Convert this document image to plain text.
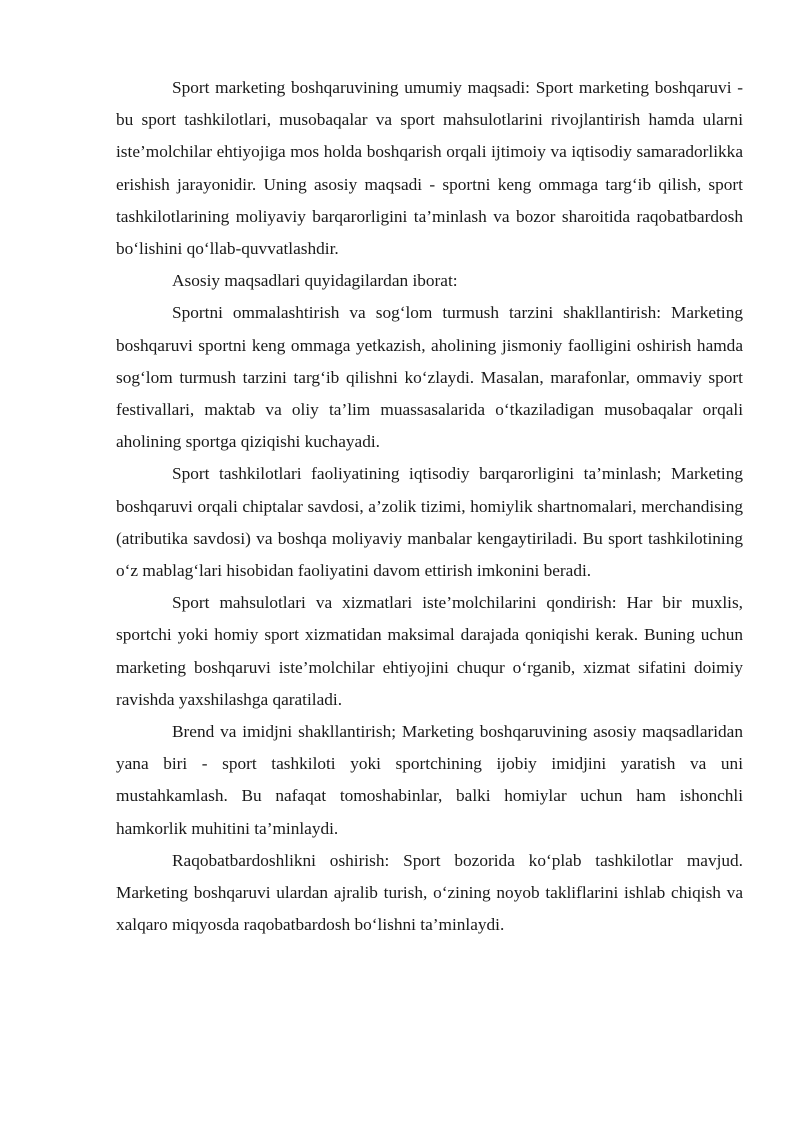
Sport marketing boshqaruvining umumiy maqsadi: Sport marketing boshqaruvi - bu sport tashkilotlari, musobaqalar va sport mahsulotlarini rivojlantirish hamda ularni iste’molchilar ehtiyojiga mos holda boshqarish orqali ijtimoiy va iqtisodiy samaradorlikka erishish jarayonidir. Uning asosiy maqsadi - sportni keng ommaga targ‘ib qilish, sport tashkilotlarining moliyaviy barqarorligini ta’minlash va bozor sharoitida raqobatbardosh bo‘lishini qo‘llab-quvvatlashdir.

Asosiy maqsadlari quyidagilardan iborat:

Sportni ommalashtirish va sog‘lom turmush tarzini shakllantirish: Marketing boshqaruvi sportni keng ommaga yetkazish, aholining jismoniy faolligini oshirish hamda sog‘lom turmush tarzini targ‘ib qilishni ko‘zlaydi. Masalan, marafonlar, ommaviy sport festivallari, maktab va oliy ta’lim muassasalarida o‘tkaziladigan musobaqalar orqali aholining sportga qiziqishi kuchayadi.

Sport tashkilotlari faoliyatining iqtisodiy barqarorligini ta’minlash; Marketing boshqaruvi orqali chiptalar savdosi, a’zolik tizimi, homiylik shartnomalari, merchandising (atributika savdosi) va boshqa moliyaviy manbalar kengaytiriladi. Bu sport tashkilotining o‘z mablag‘lari hisobidan faoliyatini davom ettirish imkonini beradi.

Sport mahsulotlari va xizmatlari iste’molchilarini qondirish: Har bir muxlis, sportchi yoki homiy sport xizmatidan maksimal darajada qoniqishi kerak. Buning uchun marketing boshqaruvi iste’molchilar ehtiyojini chuqur o‘rganib, xizmat sifatini doimiy ravishda yaxshilashga qaratiladi.

Brend va imidjni shakllantirish; Marketing boshqaruvining asosiy maqsadlaridan yana biri - sport tashkiloti yoki sportchining ijobiy imidjini yaratish va uni mustahkamlash. Bu nafaqat tomoshabinlar, balki homiylar uchun ham ishonchli hamkorlik muhitini ta’minlaydi.

Raqobatbardoshlikni oshirish: Sport bozorida ko‘plab tashkilotlar mavjud. Marketing boshqaruvi ulardan ajralib turish, o‘zining noyob takliflarini ishlab chiqish va xalqaro miqyosda raqobatbardosh bo‘lishni ta’minlaydi.
